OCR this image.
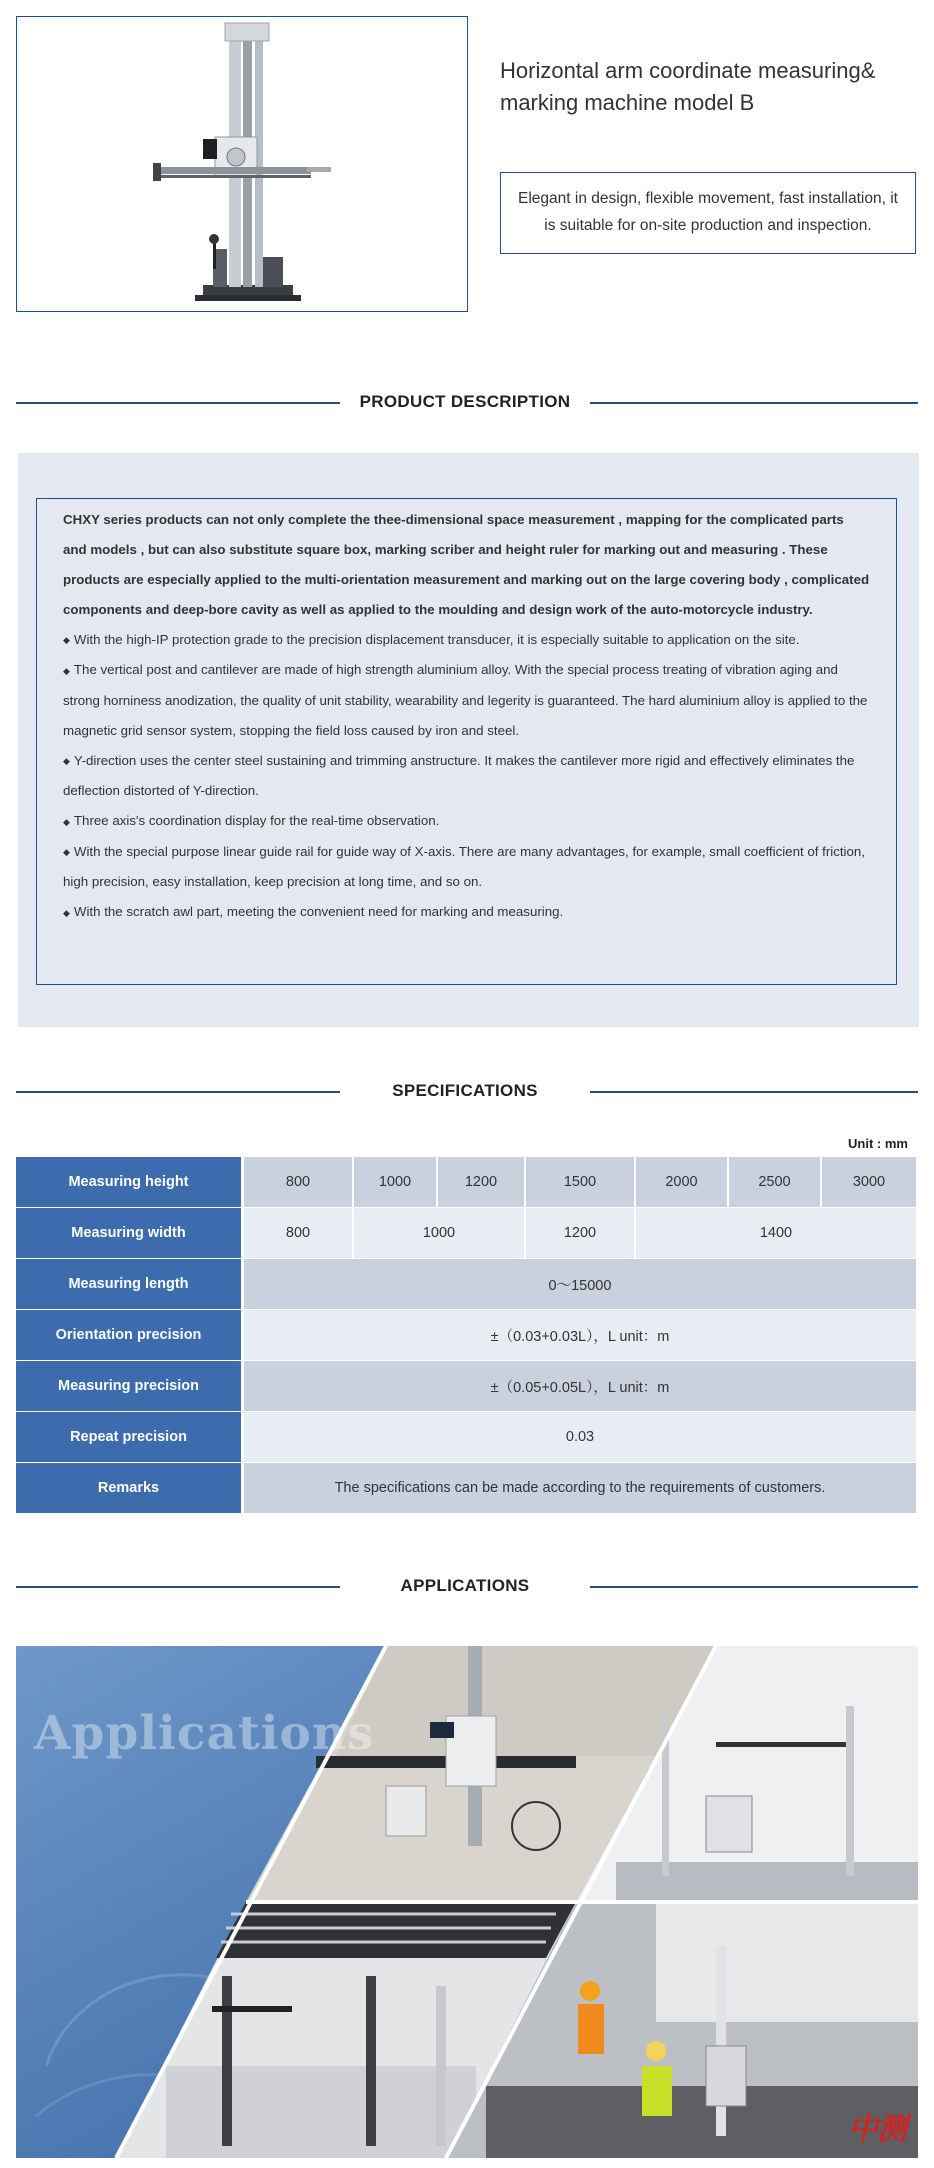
Horizontal arm coordinate measuring& marking machine model B
Elegant in design, flexible movement, fast installation, it is suitable for on-site production and inspection.
PRODUCT DESCRIPTION

CHXY series products can not only complete the thee-dimensional space measurement , mapping for the complicated parts and models , but can also substitute square box, marking scriber and height ruler for marking out and measuring . These products are especially applied to the multi-orientation measurement and marking out on the large covering body , complicated components and deep-bore cavity as well as applied to the moulding and design work of the auto-motorcycle industry.

◆ With the high-IP protection grade to the precision displacement transducer, it is especially suitable to application on the site.

◆ The vertical post and cantilever are made of high strength aluminium alloy. With the special process treating of vibration aging and strong horniness anodization, the quality of unit stability, wearability and legerity is guaranteed. The hard aluminium alloy is applied to the magnetic grid sensor system, stopping the field loss caused by iron and steel.

◆ Y-direction uses the center steel sustaining and trimming anstructure. It makes the cantilever more rigid and effectively eliminates the deflection distorted of Y-direction.

◆ Three axis's coordination display for the real-time observation.

◆ With the special purpose linear guide rail for guide way of X-axis. There are many advantages, for example, small coefficient of friction, high precision, easy installation, keep precision at long time, and so on.

◆ With the scratch awl part, meeting the convenient need for marking and measuring.

SPECIFICATIONS
Unit : mm
Measuring height	800	1000	1200	1500	2000	2500	3000
Measuring width	800	1000		1200	1400		
Measuring length	0～15000						
Orientation precision	±（0.03+0.03L），L unit：m						
Measuring precision	±（0.05+0.05L），L unit：m						
Repeat precision	0.03						
Remarks	The specifications can be made according to the requirements of customers.						
APPLICATIONS
Applications
中测
